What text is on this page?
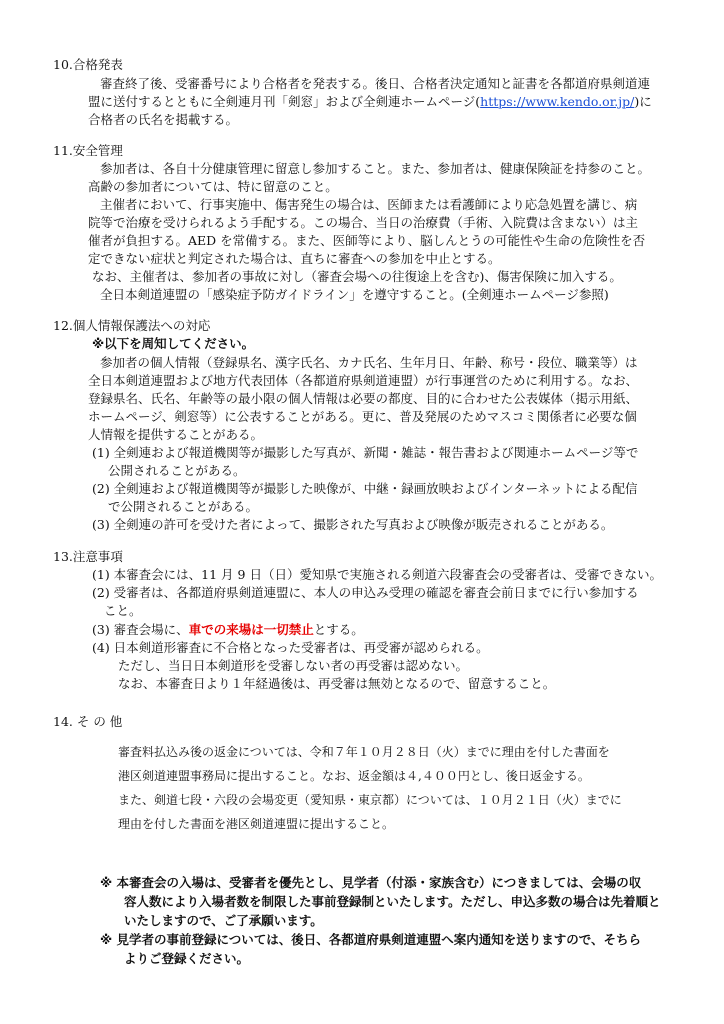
10.合格発表
審査終了後、受審番号により合格者を発表する。後日、合格者決定通知と証書を各都道府県剣道連
盟に送付するとともに全剣連月刊「剣窓」および全剣連ホームページ(https://www.kendo.or.jp/)に
合格者の氏名を掲載する。
11.安全管理
参加者は、各自十分健康管理に留意し参加すること。また、参加者は、健康保険証を持参のこと。
高齢の参加者については、特に留意のこと。
主催者において、行事実施中、傷害発生の場合は、医師または看護師により応急処置を講じ、病
院等で治療を受けられるよう手配する。この場合、当日の治療費（手術、入院費は含まない）は主
催者が負担する。AED を常備する。また、医師等により、脳しんとうの可能性や生命の危険性を否
定できない症状と判定された場合は、直ちに審査への参加を中止とする。
なお、主催者は、参加者の事故に対し（審査会場への往復途上を含む)、傷害保険に加入する。
全日本剣道連盟の「感染症予防ガイドライン」を遵守すること。(全剣連ホームページ参照)
12.個人情報保護法への対応
※以下を周知してください。
参加者の個人情報（登録県名、漢字氏名、カナ氏名、生年月日、年齢、称号・段位、職業等）は
全日本剣道連盟および地方代表団体（各都道府県剣道連盟）が行事運営のために利用する。なお、
登録県名、氏名、年齢等の最小限の個人情報は必要の都度、目的に合わせた公表媒体（掲示用紙、
ホームページ、剣窓等）に公表することがある。更に、普及発展のためマスコミ関係者に必要な個
人情報を提供することがある。
(1) 全剣連および報道機関等が撮影した写真が、新聞・雑誌・報告書および関連ホームページ等で
公開されることがある。
(2) 全剣連および報道機関等が撮影した映像が、中継・録画放映およびインターネットによる配信
で公開されることがある。
(3) 全剣連の許可を受けた者によって、撮影された写真および映像が販売されることがある。
13.注意事項
(1) 本審査会には、11 月 9 日（日）愛知県で実施される剣道六段審査会の受審者は、受審できない。
(2) 受審者は、各都道府県剣道連盟に、本人の申込み受理の確認を審査会前日までに行い参加する
こと。
(3) 審査会場に、車での来場は一切禁止とする。
(4) 日本剣道形審査に不合格となった受審者は、再受審が認められる。
ただし、当日日本剣道形を受審しない者の再受審は認めない。
なお、本審査日より１年経過後は、再受審は無効となるので、留意すること。
14. そ の 他
審査料払込み後の返金については、令和７年１０月２８日（火）までに理由を付した書面を
港区剣道連盟事務局に提出すること。なお、返金額は４,４００円とし、後日返金する。
また、剣道七段・六段の会場変更（愛知県・東京都）については、１０月２１日（火）までに
理由を付した書面を港区剣道連盟に提出すること。
※ 本審査会の入場は、受審者を優先とし、見学者（付添・家族含む）につきましては、会場の収
容人数により入場者数を制限した事前登録制といたします。ただし、申込多数の場合は先着順と
いたしますので、ご了承願います。
※ 見学者の事前登録については、後日、各都道府県剣道連盟へ案内通知を送りますので、そちら
よりご登録ください。
